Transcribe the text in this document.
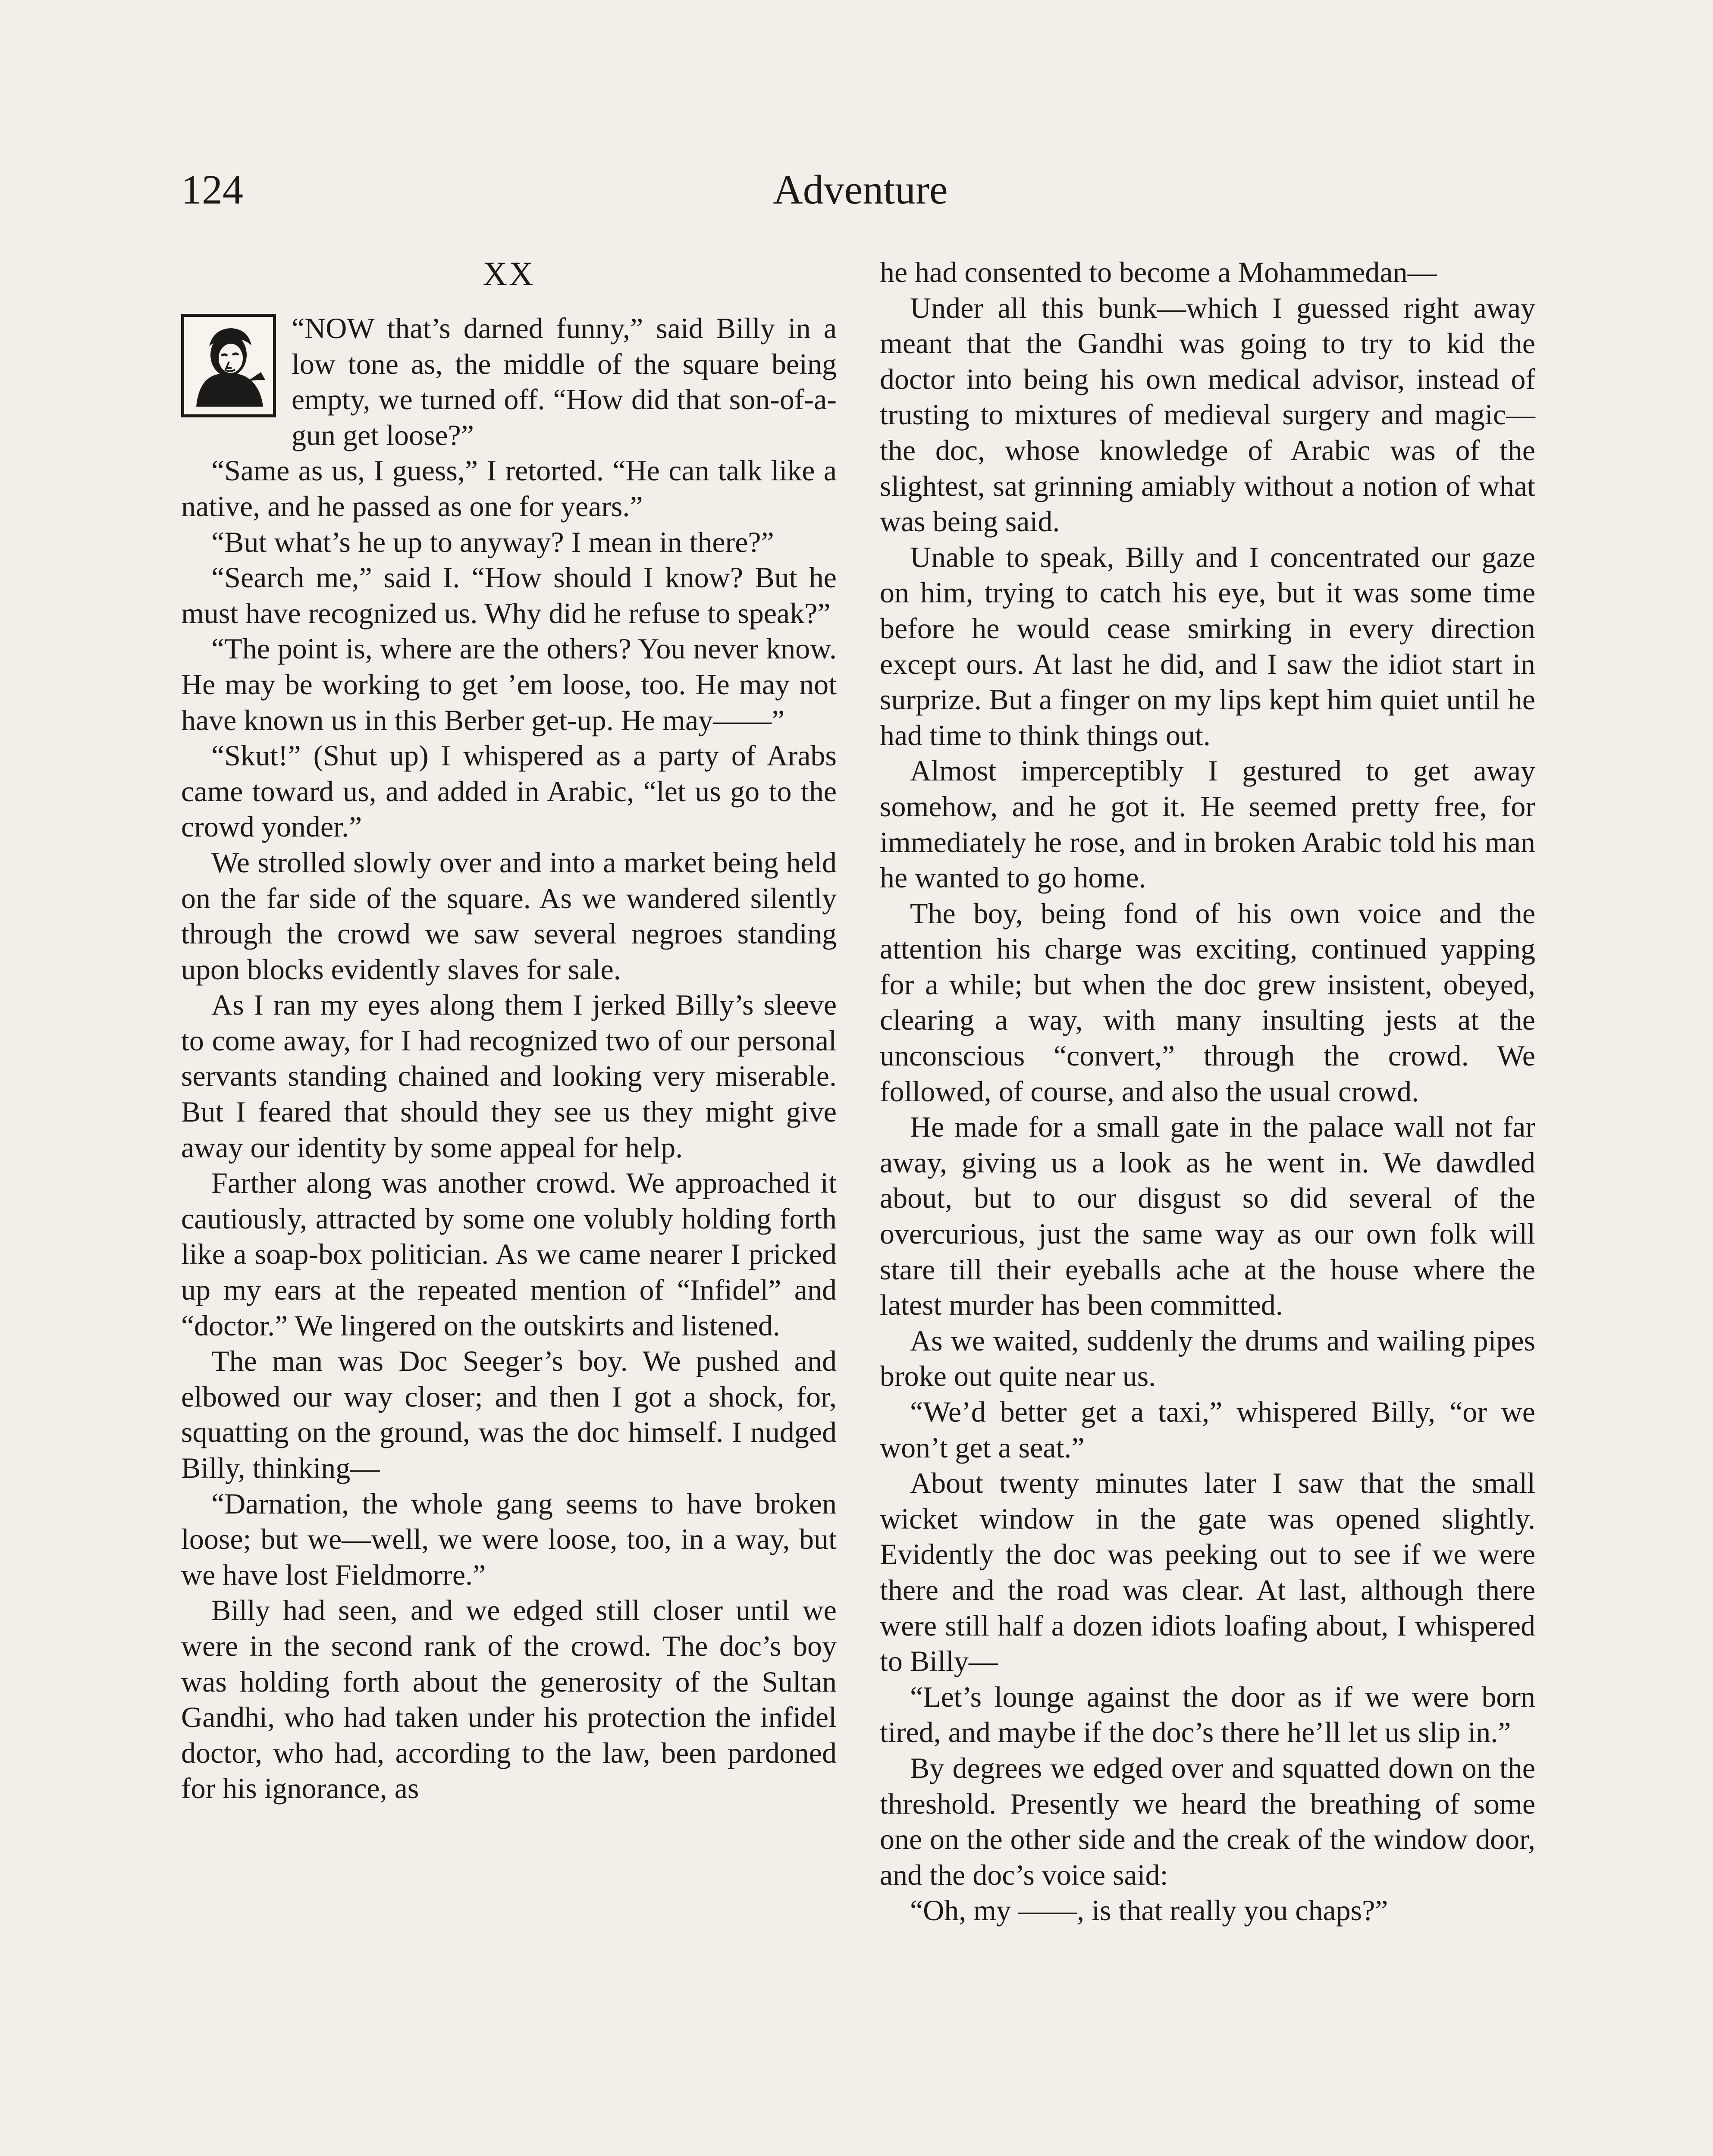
124	Adventure
XX

“NOW that’s darned funny,” said Billy in a low tone as, the middle of the square being empty, we turned off. “How did that son-of-a-gun get loose?”

“Same as us, I guess,” I retorted. “He can talk like a native, and he passed as one for years.”

“But what’s he up to anyway? I mean in there?”

“Search me,” said I. “How should I know? But he must have recognized us. Why did he refuse to speak?”

“The point is, where are the others? You never know. He may be working to get ’em loose, too. He may not have known us in this Berber get-up. He may——”

“Skut!” (Shut up) I whispered as a party of Arabs came toward us, and added in Arabic, “let us go to the crowd yonder.”

We strolled slowly over and into a market being held on the far side of the square. As we wandered silently through the crowd we saw several negroes standing upon blocks evidently slaves for sale.

As I ran my eyes along them I jerked Billy’s sleeve to come away, for I had recognized two of our personal servants standing chained and looking very miserable. But I feared that should they see us they might give away our identity by some appeal for help.

Farther along was another crowd. We approached it cautiously, attracted by some one volubly holding forth like a soap-box politician. As we came nearer I pricked up my ears at the repeated mention of “Infidel” and “doctor.” We lingered on the outskirts and listened.

The man was Doc Seeger’s boy. We pushed and elbowed our way closer; and then I got a shock, for, squatting on the ground, was the doc himself. I nudged Billy, thinking—

“Darnation, the whole gang seems to have broken loose; but we—well, we were loose, too, in a way, but we have lost Fieldmorre.”

Billy had seen, and we edged still closer until we were in the second rank of the crowd. The doc’s boy was holding forth about the generosity of the Sultan Gandhi, who had taken under his protection the infidel doctor, who had, according to the law, been pardoned for his ignorance, as

he had consented to become a Mohammedan—

Under all this bunk—which I guessed right away meant that the Gandhi was going to try to kid the doctor into being his own medical advisor, instead of trusting to mixtures of medieval surgery and magic—the doc, whose knowledge of Arabic was of the slightest, sat grinning amiably without a notion of what was being said.

Unable to speak, Billy and I concentrated our gaze on him, trying to catch his eye, but it was some time before he would cease smirking in every direction except ours. At last he did, and I saw the idiot start in surprize. But a finger on my lips kept him quiet until he had time to think things out.

Almost imperceptibly I gestured to get away somehow, and he got it. He seemed pretty free, for immediately he rose, and in broken Arabic told his man he wanted to go home.

The boy, being fond of his own voice and the attention his charge was exciting, continued yapping for a while; but when the doc grew insistent, obeyed, clearing a way, with many insulting jests at the unconscious “convert,” through the crowd. We followed, of course, and also the usual crowd.

He made for a small gate in the palace wall not far away, giving us a look as he went in. We dawdled about, but to our disgust so did several of the overcurious, just the same way as our own folk will stare till their eyeballs ache at the house where the latest murder has been committed.

As we waited, suddenly the drums and wailing pipes broke out quite near us.

“We’d better get a taxi,” whispered Billy, “or we won’t get a seat.”

About twenty minutes later I saw that the small wicket window in the gate was opened slightly. Evidently the doc was peeking out to see if we were there and the road was clear. At last, although there were still half a dozen idiots loafing about, I whispered to Billy—

“Let’s lounge against the door as if we were born tired, and maybe if the doc’s there he’ll let us slip in.”

By degrees we edged over and squatted down on the threshold. Presently we heard the breathing of some one on the other side and the creak of the window door, and the doc’s voice said:

“Oh, my ——, is that really you chaps?”
